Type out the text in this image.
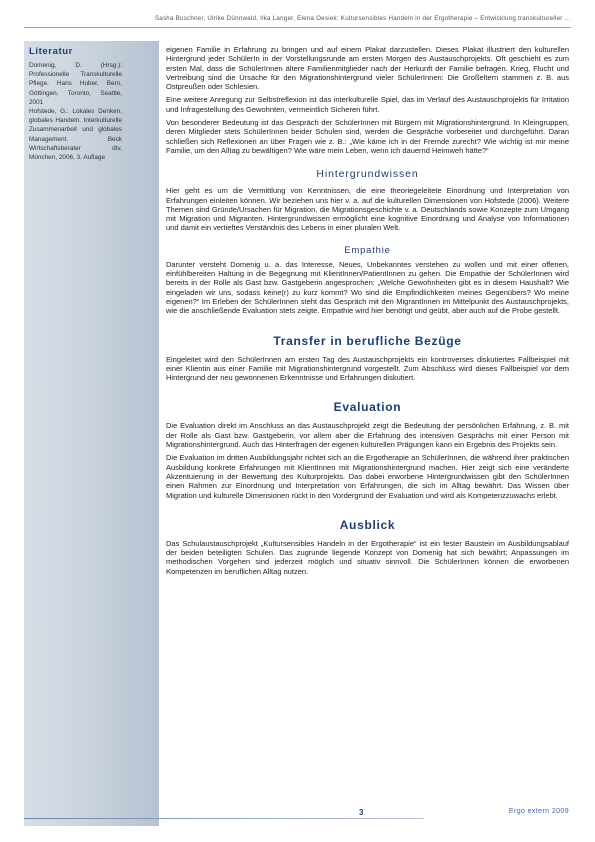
Sasha Buschner, Ulrike Dünnwald, Ilka Langer, Elena Oesiek: Kultursensibles Handeln in der Ergotherapie – Entwicklung transkultureller …
Literatur

Domenig, D. (Hrsg.): Professionelle Transkulturelle Pflege. Hans Huber, Bern, Göttingen, Toronto, Seattle, 2001

Hofstede, G.: Lokales Denken, globales Handeln. Interkulturelle Zusammenarbeit und globales Management. Beck Wirtschaftsberater dtv, München, 2006, 3. Auflage

eigenen Familie in Erfahrung zu bringen und auf einem Plakat darzustellen. Dieses Plakat illustriert den kulturellen Hintergrund jeder SchülerIn in der Vorstellungsrunde am ersten Morgen des Austauschprojekts. Oft geschieht es zum ersten Mal, dass die SchülerInnen ältere Familienmitglieder nach der Herkunft der Familie befragen. Krieg, Flucht und Vertreibung sind die Ursache für den Migrationshintergrund vieler SchülerInnen: Die Großeltern stammen z. B. aus Ostpreußen oder Schlesien.

Eine weitere Anregung zur Selbstreflexion ist das interkulturelle Spiel, das im Verlauf des Austauschprojekts für Irritation und Infragestellung des Gewohnten, vermeintlich Sicheren führt.

Von besonderer Bedeutung ist das Gespräch der SchülerInnen mit Bürgern mit Migrationshintergrund. In Kleingruppen, deren Mitglieder stets SchülerInnen beider Schulen sind, werden die Gespräche vorbereitet und durchgeführt. Daran schließen sich Reflexionen an über Fragen wie z. B.: „Wie käme ich in der Fremde zurecht? Wie wichtig ist mir meine Familie, um den Alltag zu bewältigen? Wie wäre mein Leben, wenn ich dauernd Heimweh hätte?“

Hintergrundwissen

Hier geht es um die Vermittlung von Kenntnissen, die eine theoriegeleitete Einordnung und Interpretation von Erfahrungen einleiten können. Wir beziehen uns hier v. a. auf die kulturellen Dimensionen von Hofstede (2006). Weitere Themen sind Gründe/Ursachen für Migration, die Migrationsgeschichte v. a. Deutschlands sowie Konzepte zum Umgang mit Migration und Migranten. Hintergrundwissen ermöglicht eine kognitive Einordnung und Analyse von Informationen und damit ein vertieftes Verständnis des Lebens in einer pluralen Welt.

Empathie

Darunter versteht Domenig u. a. das Interesse, Neues, Unbekanntes verstehen zu wollen und mit einer offenen, einfühlbereiten Haltung in die Begegnung mit KlientInnen/PatientInnen zu gehen. Die Empathie der SchülerInnen wird bereits in der Rolle als Gast bzw. Gastgeberin angesprochen: „Welche Gewohnheiten gibt es in diesem Haushalt? Wie eingeladen wir uns, sodass keine(r) zu kurz kommt? Wo sind die Empfindlichkeiten meines Gegenübers? Wo meine eigenen?“ Im Erleben der SchülerInnen steht das Gespräch mit den MigrantInnen im Mittelpunkt des Austauschprojekts, wie die anschließende Evaluation stets zeigte. Empathie wird hier benötigt und geübt, aber auch auf die Probe gestellt.

Transfer in berufliche Bezüge

Eingeleitet wird den SchülerInnen am ersten Tag des Austauschprojekts ein kontroverses diskutiertes Fallbeispiel mit einer Klientin aus einer Familie mit Migrationshintergrund vorgestellt. Zum Abschluss wird dieses Fallbeispiel vor dem Hintergrund der neu gewonnenen Erkenntnisse und Erfahrungen diskutiert.

Evaluation

Die Evaluation direkt im Anschluss an das Austauschprojekt zeigt die Bedeutung der persönlichen Erfahrung, z. B. mit der Rolle als Gast bzw. Gastgeberin, vor allem aber die Erfahrung des intensiven Gesprächs mit einer Person mit Migrationshintergrund. Auch das Hinterfragen der eigenen kulturellen Prägungen kann ein Ergebnis des Projekts sein.

Die Evaluation im dritten Ausbildungsjahr richtet sich an die Ergotherapie an SchülerInnen, die während ihrer praktischen Ausbildung konkrete Erfahrungen mit KlientInnen mit Migrationshintergrund machen. Hier zeigt sich eine veränderte Akzentuierung in der Bewertung des Kulturprojekts. Das dabei erworbene Hintergrundwissen gibt den SchülerInnen einen Rahmen zur Einordnung und Interpretation von Erfahrungen, die sich im Alltag bewährt. Das Wissen über Migration und kulturelle Dimensionen rückt in den Vordergrund der Evaluation und wird als Kompetenzzuwachs erlebt.

Ausblick

Das Schulaustauschprojekt „Kultursensibles Handeln in der Ergotherapie“ ist ein fester Baustein im Ausbildungsablauf der beiden beteiligten Schulen. Das zugrunde liegende Konzept von Domenig hat sich bewährt; Anpassungen im methodischen Vorgehen sind jederzeit möglich und situativ sinnvoll. Die SchülerInnen können die erworbenen Kompetenzen im beruflichen Alltag nutzen.

3	Ergo extern 2009
